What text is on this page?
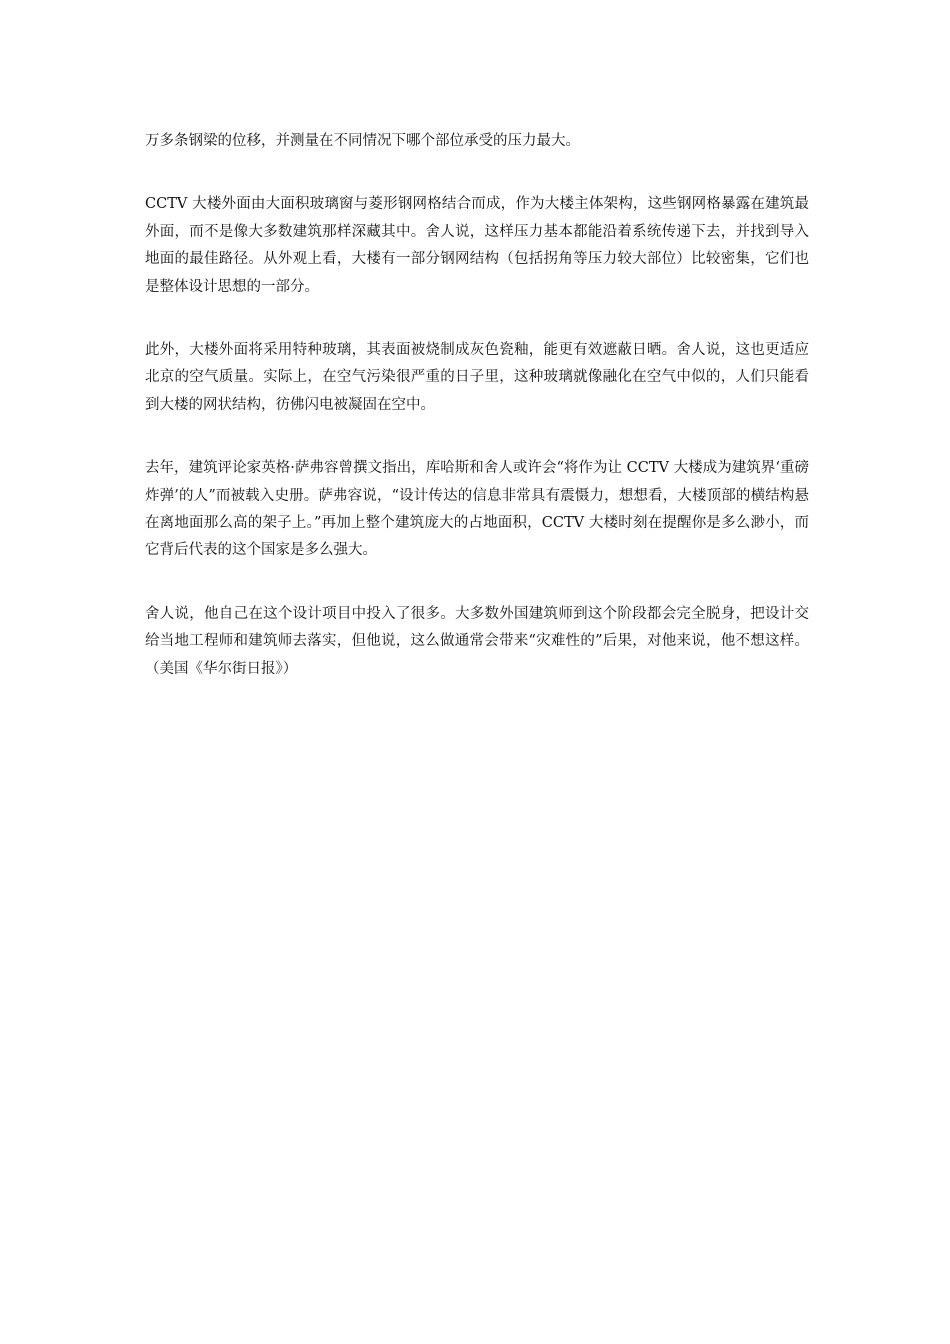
万多条钢梁的位移，并测量在不同情况下哪个部位承受的压力最大。

CCTV 大楼外面由大面积玻璃窗与菱形钢网格结合而成，作为大楼主体架构，这些钢网格暴露在建筑最外面，而不是像大多数建筑那样深藏其中。舍人说，这样压力基本都能沿着系统传递下去，并找到导入地面的最佳路径。从外观上看，大楼有一部分钢网结构（包括拐角等压力较大部位）比较密集，它们也是整体设计思想的一部分。

此外，大楼外面将采用特种玻璃，其表面被烧制成灰色瓷釉，能更有效遮蔽日晒。舍人说，这也更适应北京的空气质量。实际上，在空气污染很严重的日子里，这种玻璃就像融化在空气中似的，人们只能看到大楼的网状结构，彷佛闪电被凝固在空中。

去年，建筑评论家英格·萨弗容曾撰文指出，库哈斯和舍人或许会“将作为让 CCTV 大楼成为建筑界‘重磅炸弹’的人”而被载入史册。萨弗容说，“设计传达的信息非常具有震慑力，想想看，大楼顶部的横结构悬在离地面那么高的架子上。”再加上整个建筑庞大的占地面积，CCTV 大楼时刻在提醒你是多么渺小，而它背后代表的这个国家是多么强大。

舍人说，他自己在这个设计项目中投入了很多。大多数外国建筑师到这个阶段都会完全脱身，把设计交给当地工程师和建筑师去落实，但他说，这么做通常会带来“灾难性的”后果，对他来说，他不想这样。（美国《华尔街日报》）
